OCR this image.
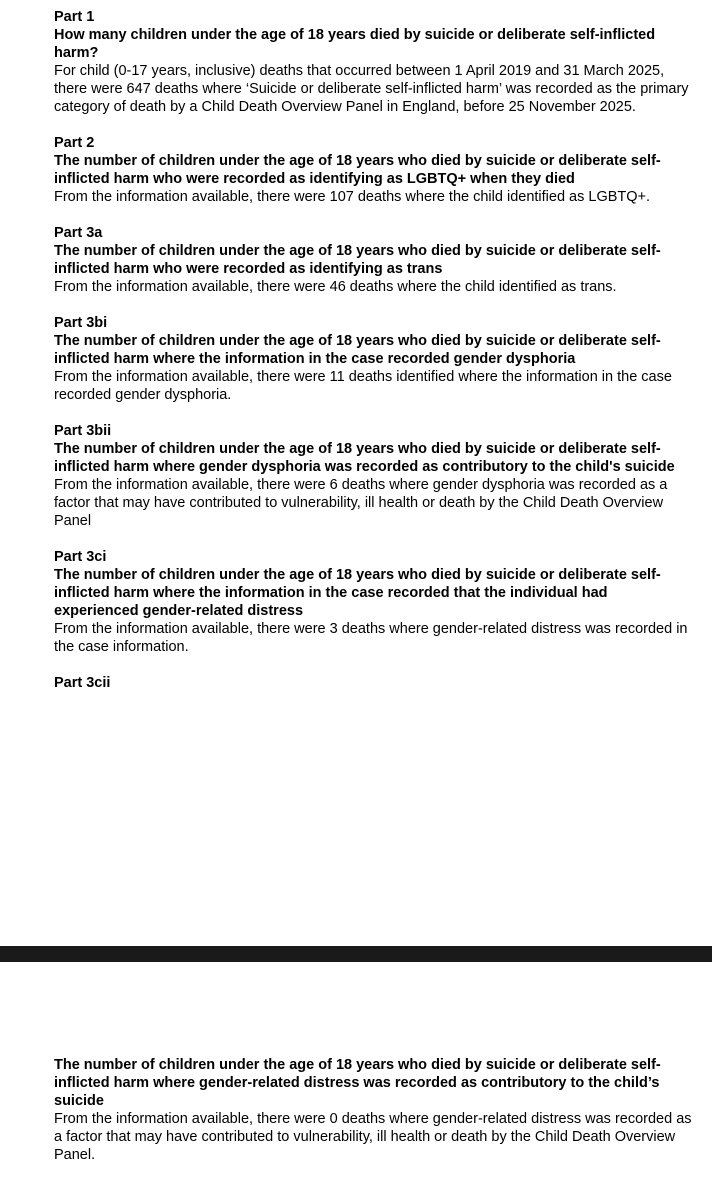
Part 1
How many children under the age of 18 years died by suicide or deliberate self-inflicted harm?
For child (0-17 years, inclusive) deaths that occurred between 1 April 2019 and 31 March 2025, there were 647 deaths where ‘Suicide or deliberate self-inflicted harm’ was recorded as the primary category of death by a Child Death Overview Panel in England, before 25 November 2025.
Part 2
The number of children under the age of 18 years who died by suicide or deliberate self-inflicted harm who were recorded as identifying as LGBTQ+ when they died
From the information available, there were 107 deaths where the child identified as LGBTQ+.
Part 3a
The number of children under the age of 18 years who died by suicide or deliberate self-inflicted harm who were recorded as identifying as trans
From the information available, there were 46 deaths where the child identified as trans.
Part 3bi
The number of children under the age of 18 years who died by suicide or deliberate self-inflicted harm where the information in the case recorded gender dysphoria
From the information available, there were 11 deaths identified where the information in the case recorded gender dysphoria.
Part 3bii
The number of children under the age of 18 years who died by suicide or deliberate self-inflicted harm where gender dysphoria was recorded as contributory to the child's suicide
From the information available, there were 6 deaths where gender dysphoria was recorded as a factor that may have contributed to vulnerability, ill health or death by the Child Death Overview Panel
Part 3ci
The number of children under the age of 18 years who died by suicide or deliberate self-inflicted harm where the information in the case recorded that the individual had experienced gender-related distress
From the information available, there were 3 deaths where gender-related distress was recorded in the case information.
Part 3cii
The number of children under the age of 18 years who died by suicide or deliberate self-inflicted harm where gender-related distress was recorded as contributory to the child’s suicide
From the information available, there were 0 deaths where gender-related distress was recorded as a factor that may have contributed to vulnerability, ill health or death by the Child Death Overview Panel.
